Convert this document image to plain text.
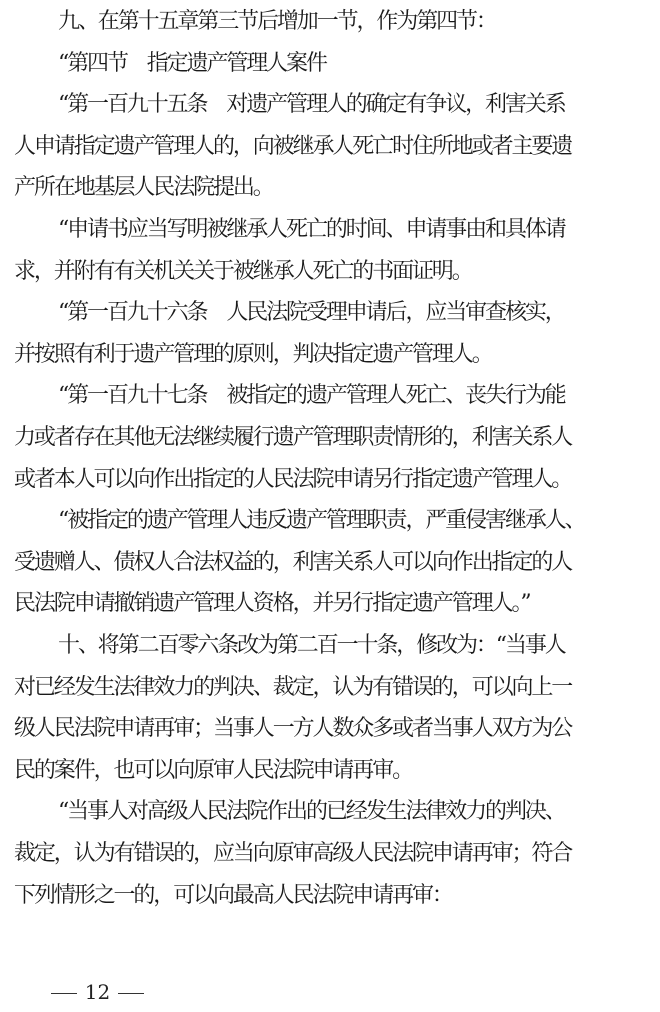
九、在第十五章第三节后增加一节，作为第四节：

“第四节　指定遗产管理人案件

“第一百九十五条　对遗产管理人的确定有争议，利害关系

人申请指定遗产管理人的，向被继承人死亡时住所地或者主要遗

产所在地基层人民法院提出。

“申请书应当写明被继承人死亡的时间、申请事由和具体请

求，并附有有关机关关于被继承人死亡的书面证明。

“第一百九十六条　人民法院受理申请后，应当审查核实，

并按照有利于遗产管理的原则，判决指定遗产管理人。

“第一百九十七条　被指定的遗产管理人死亡、丧失行为能

力或者存在其他无法继续履行遗产管理职责情形的，利害关系人

或者本人可以向作出指定的人民法院申请另行指定遗产管理人。

“被指定的遗产管理人违反遗产管理职责，严重侵害继承人、

受遗赠人、债权人合法权益的，利害关系人可以向作出指定的人

民法院申请撤销遗产管理人资格，并另行指定遗产管理人。”

十、将第二百零六条改为第二百一十条，修改为：“当事人

对已经发生法律效力的判决、裁定，认为有错误的，可以向上一

级人民法院申请再审；当事人一方人数众多或者当事人双方为公

民的案件，也可以向原审人民法院申请再审。

“当事人对高级人民法院作出的已经发生法律效力的判决、

裁定，认为有错误的，应当向原审高级人民法院申请再审；符合

下列情形之一的，可以向最高人民法院申请再审：

12
